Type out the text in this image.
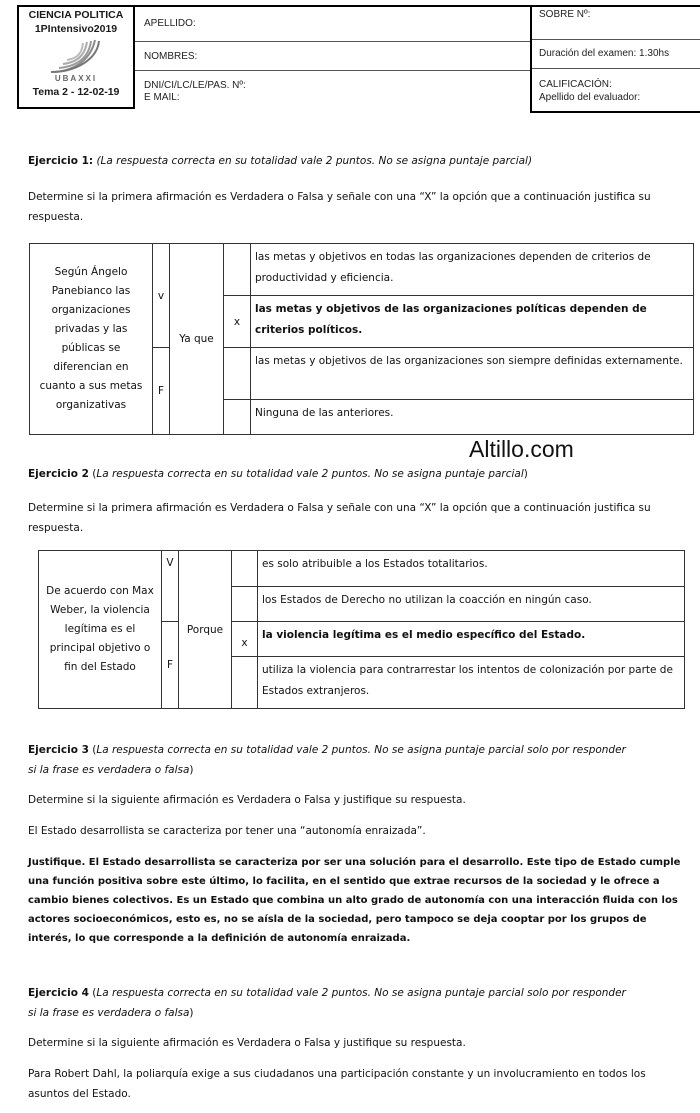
CIENCIA POLITICA
1PIntensivo2019
UBAXXI
Tema 2 - 12-02-19
APELLIDO:
NOMBRES:
DNI/CI/LC/LE/PAS. Nº:
E MAIL:
SOBRE Nº:
Duración del examen: 1.30hs
CALIFICACIÓN:
Apellido del evaluador:
Ejercicio 1: (La respuesta correcta en su totalidad vale 2 puntos. No se asigna puntaje parcial)
Determine si la primera afirmación es Verdadera o Falsa y señale con una “X” la opción que a continuación justifica su respuesta.
Según Ángelo Panebianco las organizaciones privadas y las públicas se diferencian en cuanto a sus metas organizativas	v	Ya que		las metas y objetivos en todas las organizaciones dependen de criterios de productividad y eficiencia.
			x	las metas y objetivos de las organizaciones políticas dependen de criterios políticos.
	F			las metas y objetivos de las organizaciones son siempre definidas externamente.
				Ninguna de las anteriores.
Altillo.com
Ejercicio 2 (La respuesta correcta en su totalidad vale 2 puntos. No se asigna puntaje parcial)
Determine si la primera afirmación es Verdadera o Falsa y señale con una “X” la opción que a continuación justifica su respuesta.
De acuerdo con Max Weber, la violencia legítima es el principal objetivo o fin del Estado	V	Porque		es solo atribuible a los Estados totalitarios.
				los Estados de Derecho no utilizan la coacción en ningún caso.
	F		x	la violencia legítima es el medio específico del Estado.
				utiliza la violencia para contrarrestar los intentos de colonización por parte de Estados extranjeros.
Ejercicio 3 (La respuesta correcta en su totalidad vale 2 puntos. No se asigna puntaje parcial solo por responder
si la frase es verdadera o falsa)
Determine si la siguiente afirmación es Verdadera o Falsa y justifique su respuesta.
El Estado desarrollista se caracteriza por tener una “autonomía enraizada”.
Justifique. El Estado desarrollista se caracteriza por ser una solución para el desarrollo. Este tipo de Estado cumple una función positiva sobre este último, lo facilita, en el sentido que extrae recursos de la sociedad y le ofrece a cambio bienes colectivos. Es un Estado que combina un alto grado de autonomía con una interacción fluida con los actores socioeconómicos, esto es, no se aísla de la sociedad, pero tampoco se deja cooptar por los grupos de interés, lo que corresponde a la definición de autonomía enraizada.
Ejercicio 4 (La respuesta correcta en su totalidad vale 2 puntos. No se asigna puntaje parcial solo por responder
si la frase es verdadera o falsa)
Determine si la siguiente afirmación es Verdadera o Falsa y justifique su respuesta.
Para Robert Dahl, la poliarquía exige a sus ciudadanos una participación constante y un involucramiento en todos los asuntos del Estado.
